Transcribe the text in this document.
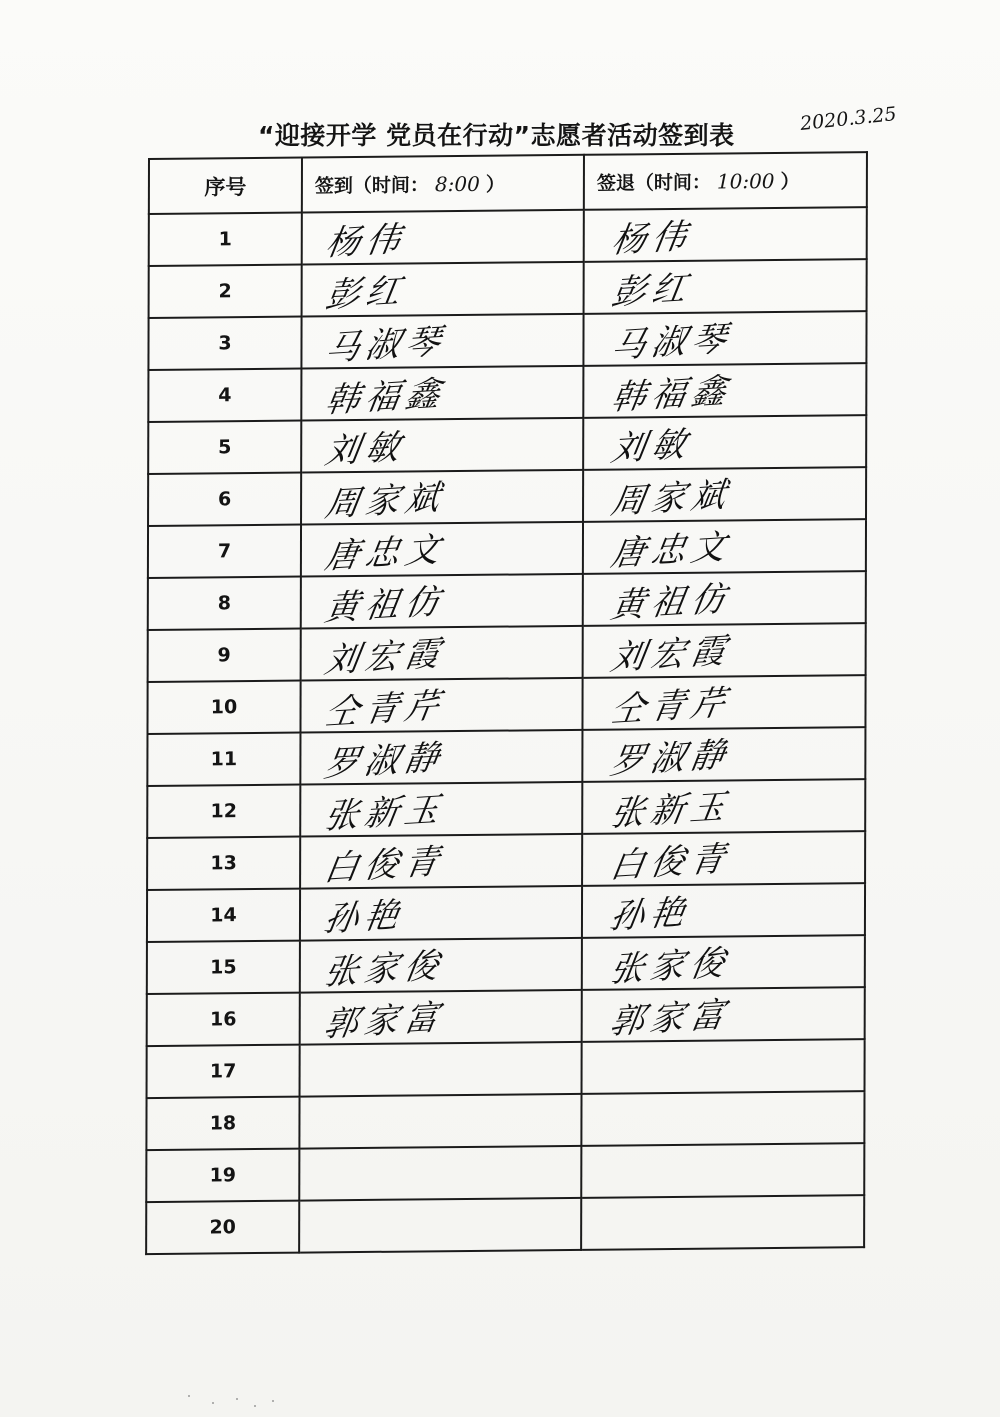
“迎接开学 党员在行动”志愿者活动签到表
2020.3.25
序号	签到（时间： 8:00 ）	签退（时间： 10:00 ）
1	杨伟	杨伟

2	彭红	彭红

3	马淑琴	马淑琴

4	韩福鑫	韩福鑫

5	刘敏	刘敏

6	周家斌	周家斌

7	唐忠文	唐忠文

8	黄祖仿	黄祖仿

9	刘宏霞	刘宏霞

10	仝青芹	仝青芹

11	罗淑静	罗淑静

12	张新玉	张新玉

13	白俊青	白俊青

14	孙艳	孙艳

15	张家俊	张家俊

16	郭家富	郭家富

17	

18	

19	

20	
